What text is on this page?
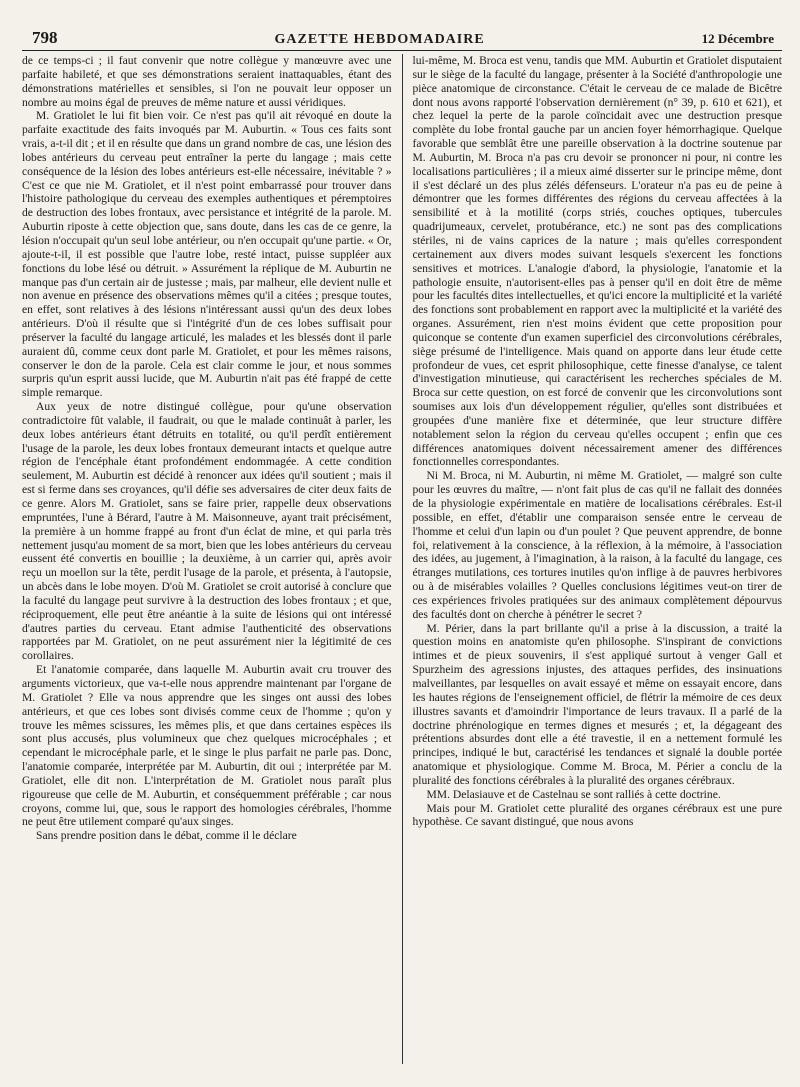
798	GAZETTE HEBDOMADAIRE	12 Décembre

de ce temps-ci ; il faut convenir que notre collègue y manœuvre avec une parfaite habileté, et que ses démonstrations seraient inattaquables, étant des démonstrations matérielles et sensibles, si l'on ne pouvait leur opposer un nombre au moins égal de preuves de même nature et aussi véridiques.

M. Gratiolet le lui fit bien voir. Ce n'est pas qu'il ait révoqué en doute la parfaite exactitude des faits invoqués par M. Auburtin. « Tous ces faits sont vrais, a-t-il dit ; et il en résulte que dans un grand nombre de cas, une lésion des lobes antérieurs du cerveau peut entraîner la perte du langage ; mais cette conséquence de la lésion des lobes antérieurs est-elle nécessaire, inévitable ? » C'est ce que nie M. Gratiolet, et il n'est point embarrassé pour trouver dans l'histoire pathologique du cerveau des exemples authentiques et péremptoires de destruction des lobes frontaux, avec persistance et intégrité de la parole. M. Auburtin riposte à cette objection que, sans doute, dans les cas de ce genre, la lésion n'occupait qu'un seul lobe antérieur, ou n'en occupait qu'une partie. « Or, ajoute-t-il, il est possible que l'autre lobe, resté intact, puisse suppléer aux fonctions du lobe lésé ou détruit. » Assurément la réplique de M. Auburtin ne manque pas d'un certain air de justesse ; mais, par malheur, elle devient nulle et non avenue en présence des observations mêmes qu'il a citées ; presque toutes, en effet, sont relatives à des lésions n'intéressant aussi qu'un des deux lobes antérieurs. D'où il résulte que si l'intégrité d'un de ces lobes suffisait pour préserver la faculté du langage articulé, les malades et les blessés dont il parle auraient dû, comme ceux dont parle M. Gratiolet, et pour les mêmes raisons, conserver le don de la parole. Cela est clair comme le jour, et nous sommes surpris qu'un esprit aussi lucide, que M. Auburtin n'ait pas été frappé de cette simple remarque.

Aux yeux de notre distingué collègue, pour qu'une observation contradictoire fût valable, il faudrait, ou que le malade continuât à parler, les deux lobes antérieurs étant détruits en totalité, ou qu'il perdît entièrement l'usage de la parole, les deux lobes frontaux demeurant intacts et quelque autre région de l'encéphale étant profondément endommagée. A cette condition seulement, M. Auburtin est décidé à renoncer aux idées qu'il soutient ; mais il est si ferme dans ses croyances, qu'il défie ses adversaires de citer deux faits de ce genre. Alors M. Gratiolet, sans se faire prier, rappelle deux observations empruntées, l'une à Bérard, l'autre à M. Maisonneuve, ayant trait précisément, la première à un homme frappé au front d'un éclat de mine, et qui parla très nettement jusqu'au moment de sa mort, bien que les lobes antérieurs du cerveau eussent été convertis en bouillie ; la deuxième, à un carrier qui, après avoir reçu un moellon sur la tête, perdit l'usage de la parole, et présenta, à l'autopsie, un abcès dans le lobe moyen. D'où M. Gratiolet se croit autorisé à conclure que la faculté du langage peut survivre à la destruction des lobes frontaux ; et que, réciproquement, elle peut être anéantie à la suite de lésions qui ont intéressé d'autres parties du cerveau. Etant admise l'authenticité des observations rapportées par M. Gratiolet, on ne peut assurément nier la légitimité de ces corollaires.

Et l'anatomie comparée, dans laquelle M. Auburtin avait cru trouver des arguments victorieux, que va-t-elle nous apprendre maintenant par l'organe de M. Gratiolet ? Elle va nous apprendre que les singes ont aussi des lobes antérieurs, et que ces lobes sont divisés comme ceux de l'homme ; qu'on y trouve les mêmes scissures, les mêmes plis, et que dans certaines espèces ils sont plus accusés, plus volumineux que chez quelques microcéphales ; et cependant le microcéphale parle, et le singe le plus parfait ne parle pas. Donc, l'anatomie comparée, interprétée par M. Auburtin, dit oui ; interprétée par M. Gratiolet, elle dit non. L'interprétation de M. Gratiolet nous paraît plus rigoureuse que celle de M. Auburtin, et conséquemment préférable ; car nous croyons, comme lui, que, sous le rapport des homologies cérébrales, l'homme ne peut être utilement comparé qu'aux singes.

Sans prendre position dans le débat, comme il le déclare

lui-même, M. Broca est venu, tandis que MM. Auburtin et Gratiolet disputaient sur le siège de la faculté du langage, présenter à la Société d'anthropologie une pièce anatomique de circonstance. C'était le cerveau de ce malade de Bicêtre dont nous avons rapporté l'observation dernièrement (n° 39, p. 610 et 621), et chez lequel la perte de la parole coïncidait avec une destruction presque complète du lobe frontal gauche par un ancien foyer hémorrhagique. Quelque favorable que semblât être une pareille observation à la doctrine soutenue par M. Auburtin, M. Broca n'a pas cru devoir se prononcer ni pour, ni contre les localisations particulières ; il a mieux aimé disserter sur le principe même, dont il s'est déclaré un des plus zélés défenseurs. L'orateur n'a pas eu de peine à démontrer que les formes différentes des régions du cerveau affectées à la sensibilité et à la motilité (corps striés, couches optiques, tubercules quadrijumeaux, cervelet, protubérance, etc.) ne sont pas des complications stériles, ni de vains caprices de la nature ; mais qu'elles correspondent certainement aux divers modes suivant lesquels s'exercent les fonctions sensitives et motrices. L'analogie d'abord, la physiologie, l'anatomie et la pathologie ensuite, n'autorisent-elles pas à penser qu'il en doit être de même pour les facultés dites intellectuelles, et qu'ici encore la multiplicité et la variété des fonctions sont probablement en rapport avec la multiplicité et la variété des organes. Assurément, rien n'est moins évident que cette proposition pour quiconque se contente d'un examen superficiel des circonvolutions cérébrales, siège présumé de l'intelligence. Mais quand on apporte dans leur étude cette profondeur de vues, cet esprit philosophique, cette finesse d'analyse, ce talent d'investigation minutieuse, qui caractérisent les recherches spéciales de M. Broca sur cette question, on est forcé de convenir que les circonvolutions sont soumises aux lois d'un développement régulier, qu'elles sont distribuées et groupées d'une manière fixe et déterminée, que leur structure diffère notablement selon la région du cerveau qu'elles occupent ; enfin que ces différences anatomiques doivent nécessairement amener des différences fonctionnelles correspondantes.

Ni M. Broca, ni M. Auburtin, ni même M. Gratiolet, — malgré son culte pour les œuvres du maître, — n'ont fait plus de cas qu'il ne fallait des données de la physiologie expérimentale en matière de localisations cérébrales. Est-il possible, en effet, d'établir une comparaison sensée entre le cerveau de l'homme et celui d'un lapin ou d'un poulet ? Que peuvent apprendre, de bonne foi, relativement à la conscience, à la réflexion, à la mémoire, à l'association des idées, au jugement, à l'imagination, à la raison, à la faculté du langage, ces étranges mutilations, ces tortures inutiles qu'on inflige à de pauvres herbivores ou à de misérables volailles ? Quelles conclusions légitimes veut-on tirer de ces expériences frivoles pratiquées sur des animaux complètement dépourvus des facultés dont on cherche à pénétrer le secret ?

M. Périer, dans la part brillante qu'il a prise à la discussion, a traité la question moins en anatomiste qu'en philosophe. S'inspirant de convictions intimes et de pieux souvenirs, il s'est appliqué surtout à venger Gall et Spurzheim des agressions injustes, des attaques perfides, des insinuations malveillantes, par lesquelles on avait essayé et même on essayait encore, dans les hautes régions de l'enseignement officiel, de flétrir la mémoire de ces deux illustres savants et d'amoindrir l'importance de leurs travaux. Il a parlé de la doctrine phrénologique en termes dignes et mesurés ; et, la dégageant des prétentions absurdes dont elle a été travestie, il en a nettement formulé les principes, indiqué le but, caractérisé les tendances et signalé la double portée anatomique et physiologique. Comme M. Broca, M. Périer a conclu de la pluralité des fonctions cérébrales à la pluralité des organes cérébraux.

MM. Delasiauve et de Castelnau se sont ralliés à cette doctrine.

Mais pour M. Gratiolet cette pluralité des organes cérébraux est une pure hypothèse. Ce savant distingué, que nous avons
